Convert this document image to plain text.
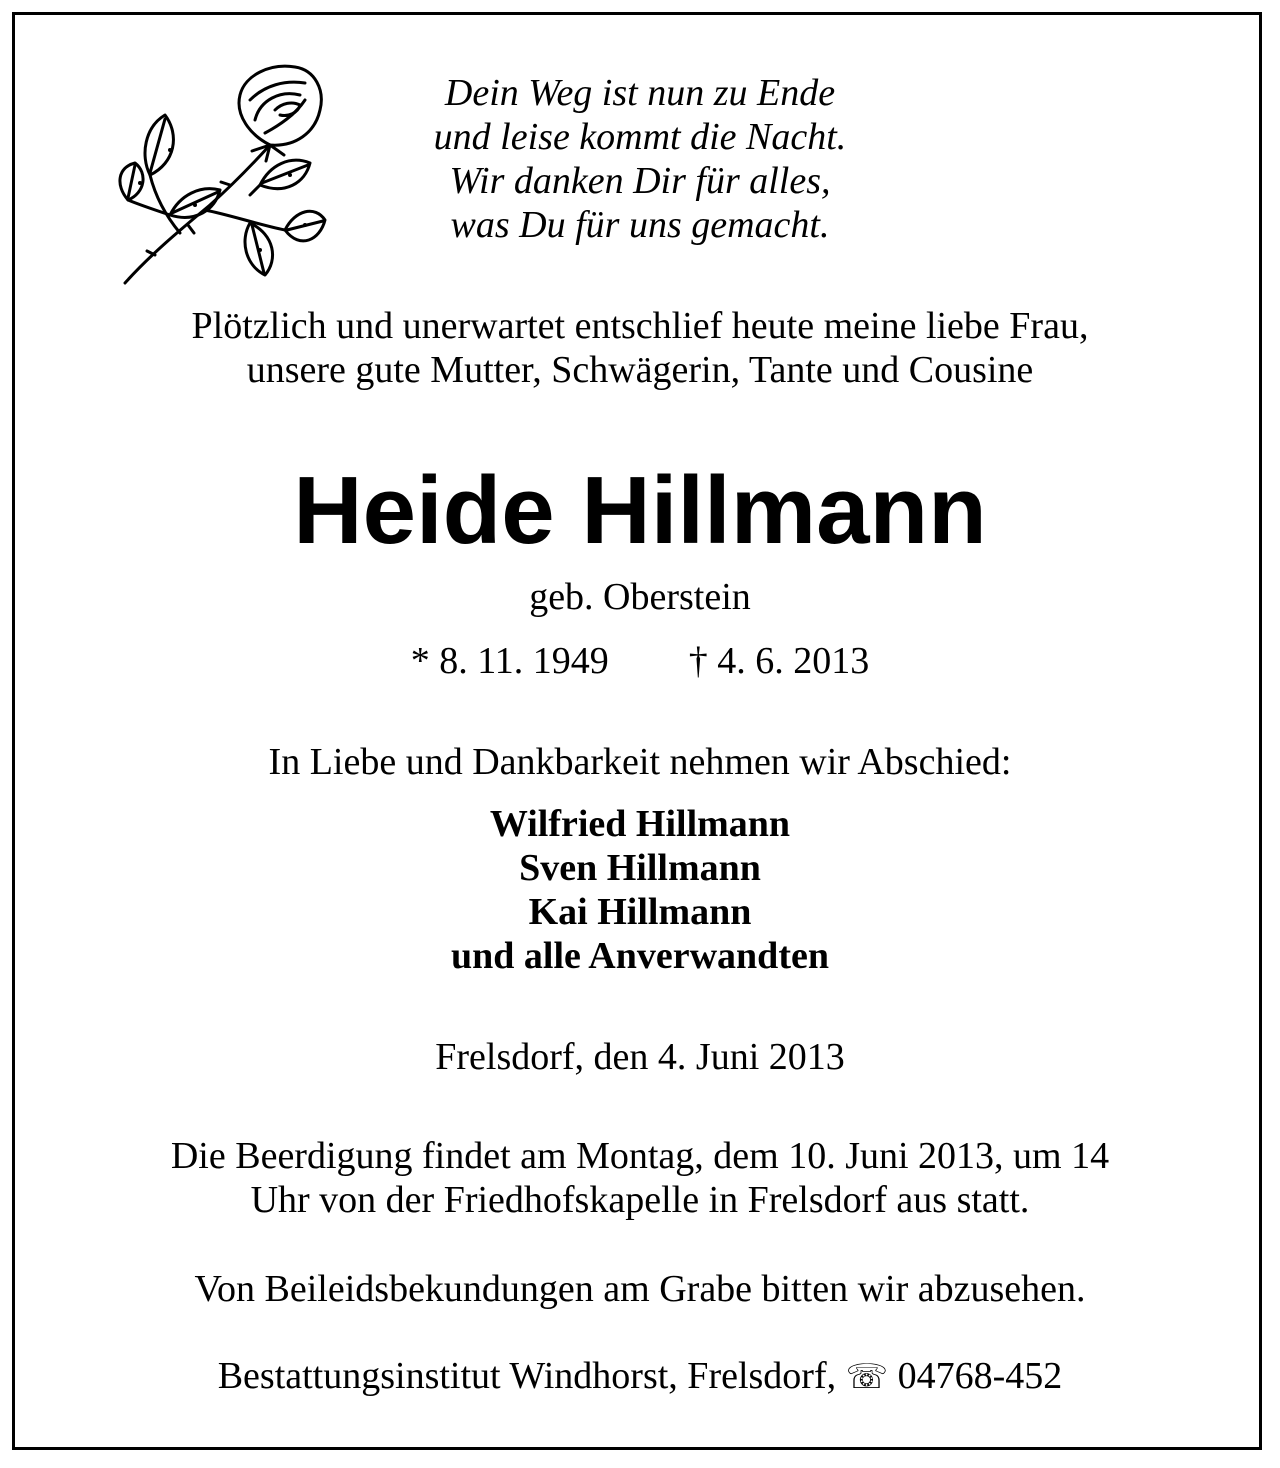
Dein Weg ist nun zu Ende
und leise kommt die Nacht.
Wir danken Dir für alles,
was Du für uns gemacht.
Plötzlich und unerwartet entschlief heute meine liebe Frau,
unsere gute Mutter, Schwägerin, Tante und Cousine
Heide Hillmann
geb. Oberstein
* 8. 11. 1949 † 4. 6. 2013
In Liebe und Dankbarkeit nehmen wir Abschied:
Wilfried Hillmann
Sven Hillmann
Kai Hillmann
und alle Anverwandten
Frelsdorf, den 4. Juni 2013
Die Beerdigung findet am Montag, dem 10. Juni 2013, um 14
Uhr von der Friedhofskapelle in Frelsdorf aus statt.
Von Beileidsbekundungen am Grabe bitten wir abzusehen.
Bestattungsinstitut Windhorst, Frelsdorf, ☏ 04768-452
